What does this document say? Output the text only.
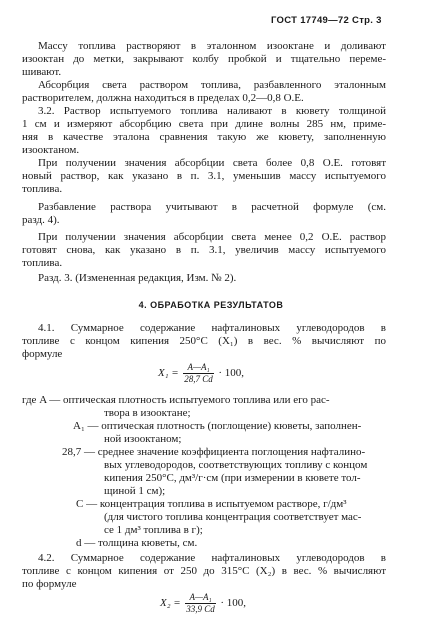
ГОСТ 17749—72 Стр. 3
Массу топлива растворяют в эталонном изооктане и доливают
изооктан до метки, закрывают колбу пробкой и тщательно переме-
шивают.
Абсорбция света раствором топлива, разбавленного эталонным
растворителем, должна находиться в пределах 0,2—0,8 О.Е.
3.2. Раствор испытуемого топлива наливают в кювету толщиной
1 см и измеряют абсорбцию света при длине волны 285 нм, приме-
няя в качестве эталона сравнения такую же кювету, заполненную
изооктаном.
При получении значения абсорбции света более 0,8 О.Е. готовят
новый раствор, как указано в п. 3.1, уменьшив массу испытуемого
топлива.
Разбавление раствора учитывают в расчетной формуле (см.
разд. 4).
При получении значения абсорбции света менее 0,2 О.Е. раствор
готовят снова, как указано в п. 3.1, увеличив массу испытуемого
топлива.
Разд. 3. (Измененная редакция, Изм. № 2).
4. ОБРАБОТКА РЕЗУЛЬТАТОВ
4.1. Суммарное содержание нафталиновых углеводородов в
топливе с концом кипения 250°С (X₁) в вес. % вычисляют по
формуле
$X_1 = \frac{\text{A—A₁}}{28,7 Cd} \cdot 100$,
где A — оптическая плотность испытуемого топлива или его рас-
твора в изооктане;
A₁ — оптическая плотность (поглощение) кюветы, заполнен-
ной изооктаном;
28,7 — среднее значение коэффициента поглощения нафталино-
вых углеводородов, соответствующих топливу с концом
кипения 250°С, дм³/г·см (при измерении в кювете тол-
щиной 1 см);
C — концентрация топлива в испытуемом растворе, г/дм³
(для чистого топлива концентрация соответствует мас-
се 1 дм³ топлива в г);
d — толщина кюветы, см.
4.2. Суммарное содержание нафталиновых углеводородов в
топливе с концом кипения от 250 до 315°С (X₂) в вес. % вычисляют
по формуле
$X_2 = \frac{\text{A—A₁}}{33,9 Cd} \cdot 100$,
